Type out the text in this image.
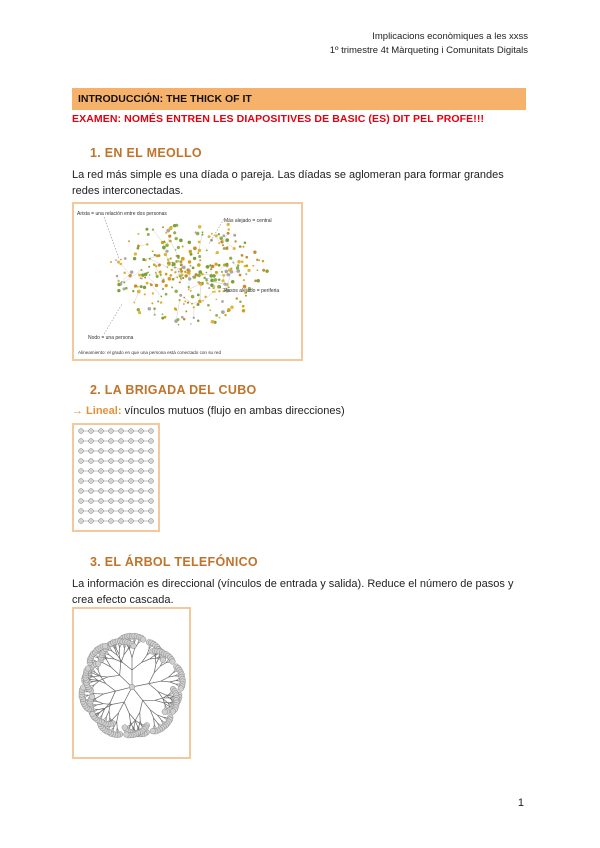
Implicacions econòmiques a les xxss
1º trimestre 4t Màrqueting i Comunitats Digitals
INTRODUCCIÓN: THE THICK OF IT
EXAMEN: NOMÉS ENTREN LES DIAPOSITIVES DE BASIC (ES) DIT PEL PROFE!!!
1. EN EL MEOLLO
La red más simple es una díada o pareja. Las díadas se aglomeran para formar grandes redes interconectadas.
Arista = una relación entre dos personas
Más alejado = central
Pasos alejado = periferia
Nodo = una persona
Alineamiento: el grado en que una persona está conectado con su red
2. LA BRIGADA DEL CUBO
→ Lineal: vínculos mutuos (flujo en ambas direcciones)
3. EL ÁRBOL TELEFÓNICO
La información es direccional (vínculos de entrada y salida). Reduce el número de pasos y crea efecto cascada.
1
